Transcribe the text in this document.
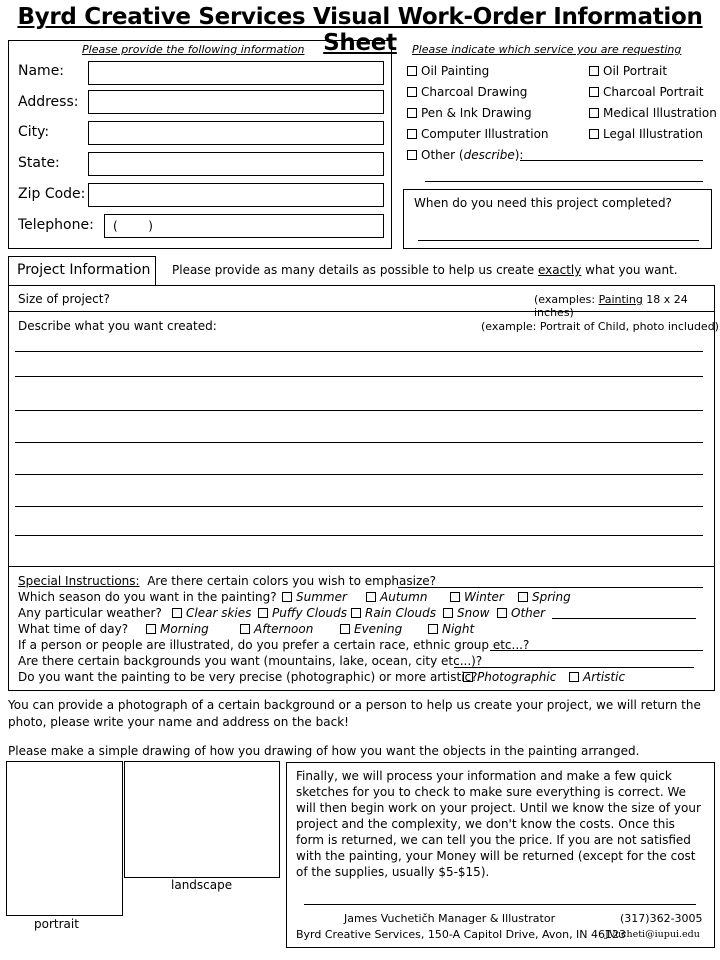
Byrd Creative Services Visual Work-Order Information Sheet
Please provide the following information
Name:
Address:
City:
State:
Zip Code:
Telephone:	(        )
Please indicate which service you are requesting
Oil Painting
Charcoal Drawing
Pen & Ink Drawing
Computer Illustration
Oil Portrait
Charcoal Portrait
Medical Illustration
Legal Illustration
Other (describe):
When do you need this project completed?
Project Information Please provide as many details as possible to help us create exactly what you want.
Size of project?	(examples: Painting 18 x 24 inches)
Describe what you want created:	(example: Portrait of Child, photo included)
Special Instructions: Are there certain colors you wish to emphasize?
Which season do you want in the painting?	Summer	Autumn	Winter	Spring
Any particular weather?	Clear skies	Puffy Clouds	Rain Clouds	Snow	Other
What time of day?	Morning	Afternoon	Evening	Night
If a person or people are illustrated, do you prefer a certain race, ethnic group etc...?
Are there certain backgrounds you want (mountains, lake, ocean, city etc...)?
Do you want the painting to be very precise (photographic) or more artistic? Photographic	Artistic
You can provide a photograph of a certain background or a person to help us create your project, we will return the photo, please write your name and address on the back!
Please make a simple drawing of how you drawing of how you want the objects in the painting arranged.
portrait
landscape
Finally, we will process your information and make a few quick sketches for you to check to make sure everything is correct. We will then begin work on your project. Until we know the size of your project and the complexity, we don't know the costs. Once this form is returned, we can tell you the price. If you are not satisfied with the painting, your Money will be returned (except for the cost of the supplies, usually $5-$15).
James Vuchetičh Manager & Illustrator	(317)362-3005
Byrd Creative Services, 150-A Capitol Drive, Avon, IN 46123
JVucheti@iupui.edu
